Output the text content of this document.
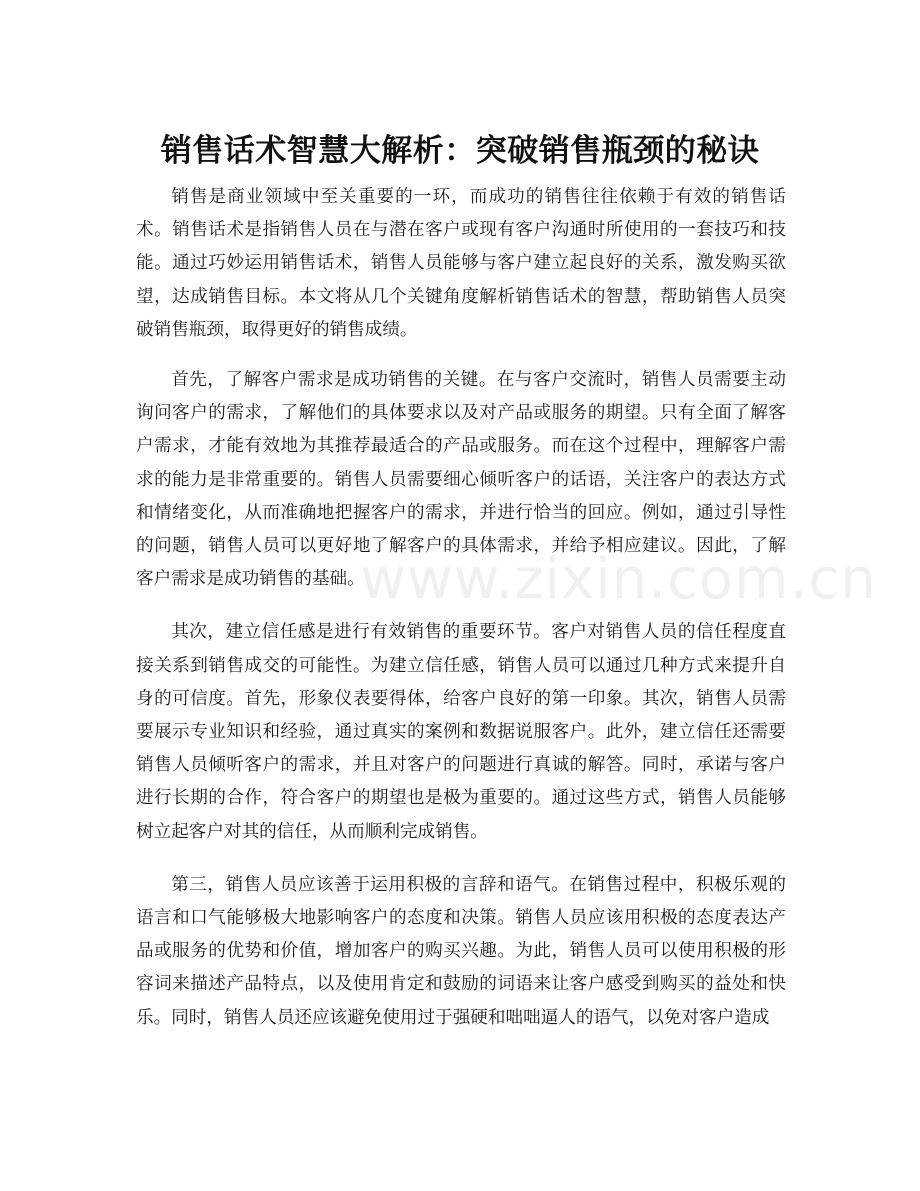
销售话术智慧大解析：突破销售瓶颈的秘诀

销售是商业领域中至关重要的一环，而成功的销售往往依赖于有效的销售话术。销售话术是指销售人员在与潜在客户或现有客户沟通时所使用的一套技巧和技能。通过巧妙运用销售话术，销售人员能够与客户建立起良好的关系，激发购买欲望，达成销售目标。本文将从几个关键角度解析销售话术的智慧，帮助销售人员突破销售瓶颈，取得更好的销售成绩。

首先，了解客户需求是成功销售的关键。在与客户交流时，销售人员需要主动询问客户的需求，了解他们的具体要求以及对产品或服务的期望。只有全面了解客户需求，才能有效地为其推荐最适合的产品或服务。而在这个过程中，理解客户需求的能力是非常重要的。销售人员需要细心倾听客户的话语，关注客户的表达方式和情绪变化，从而准确地把握客户的需求，并进行恰当的回应。例如，通过引导性的问题，销售人员可以更好地了解客户的具体需求，并给予相应建议。因此，了解客户需求是成功销售的基础。

其次，建立信任感是进行有效销售的重要环节。客户对销售人员的信任程度直接关系到销售成交的可能性。为建立信任感，销售人员可以通过几种方式来提升自身的可信度。首先，形象仪表要得体，给客户良好的第一印象。其次，销售人员需要展示专业知识和经验，通过真实的案例和数据说服客户。此外，建立信任还需要销售人员倾听客户的需求，并且对客户的问题进行真诚的解答。同时，承诺与客户进行长期的合作，符合客户的期望也是极为重要的。通过这些方式，销售人员能够树立起客户对其的信任，从而顺利完成销售。

第三，销售人员应该善于运用积极的言辞和语气。在销售过程中，积极乐观的语言和口气能够极大地影响客户的态度和决策。销售人员应该用积极的态度表达产品或服务的优势和价值，增加客户的购买兴趣。为此，销售人员可以使用积极的形容词来描述产品特点，以及使用肯定和鼓励的词语来让客户感受到购买的益处和快乐。同时，销售人员还应该避免使用过于强硬和咄咄逼人的语气，以免对客户造成

www.zixin.com.cn
